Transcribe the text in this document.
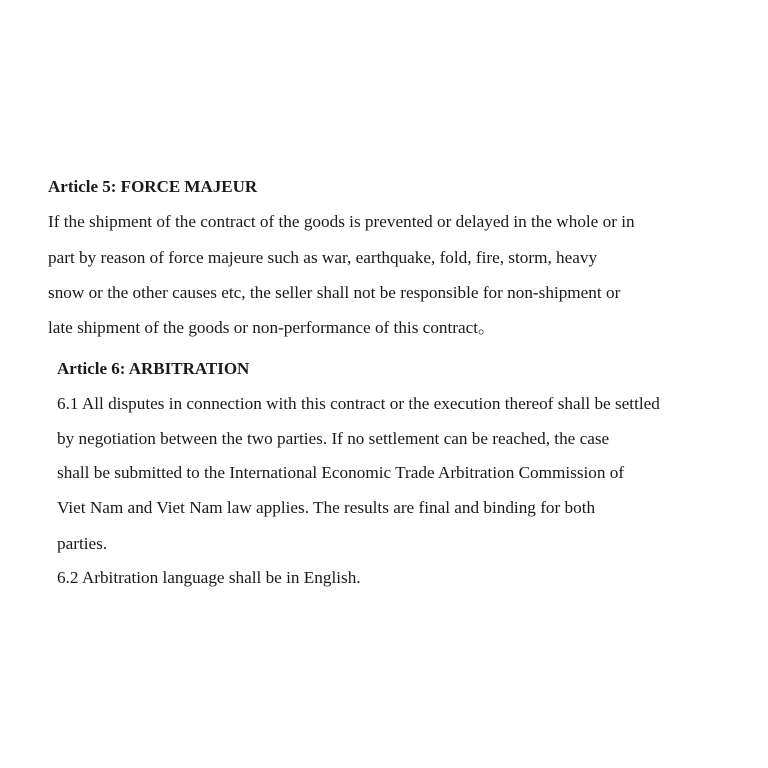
Article 5: FORCE MAJEUR

If the shipment of the contract of the goods is prevented or delayed in the whole or in

part by reason of force majeure such as war, earthquake, fold, fire, storm, heavy

snow or the other causes etc, the seller shall not be responsible for non-shipment or

late shipment of the goods or non-performance of this contract。

Article 6: ARBITRATION

6.1 All disputes in connection with this contract or the execution thereof shall be settled

by negotiation between the two parties. If no settlement can be reached, the case

shall be submitted to the International Economic Trade Arbitration Commission of

Viet Nam and Viet Nam law applies. The results are final and binding for both

parties.

6.2 Arbitration language shall be in English.
